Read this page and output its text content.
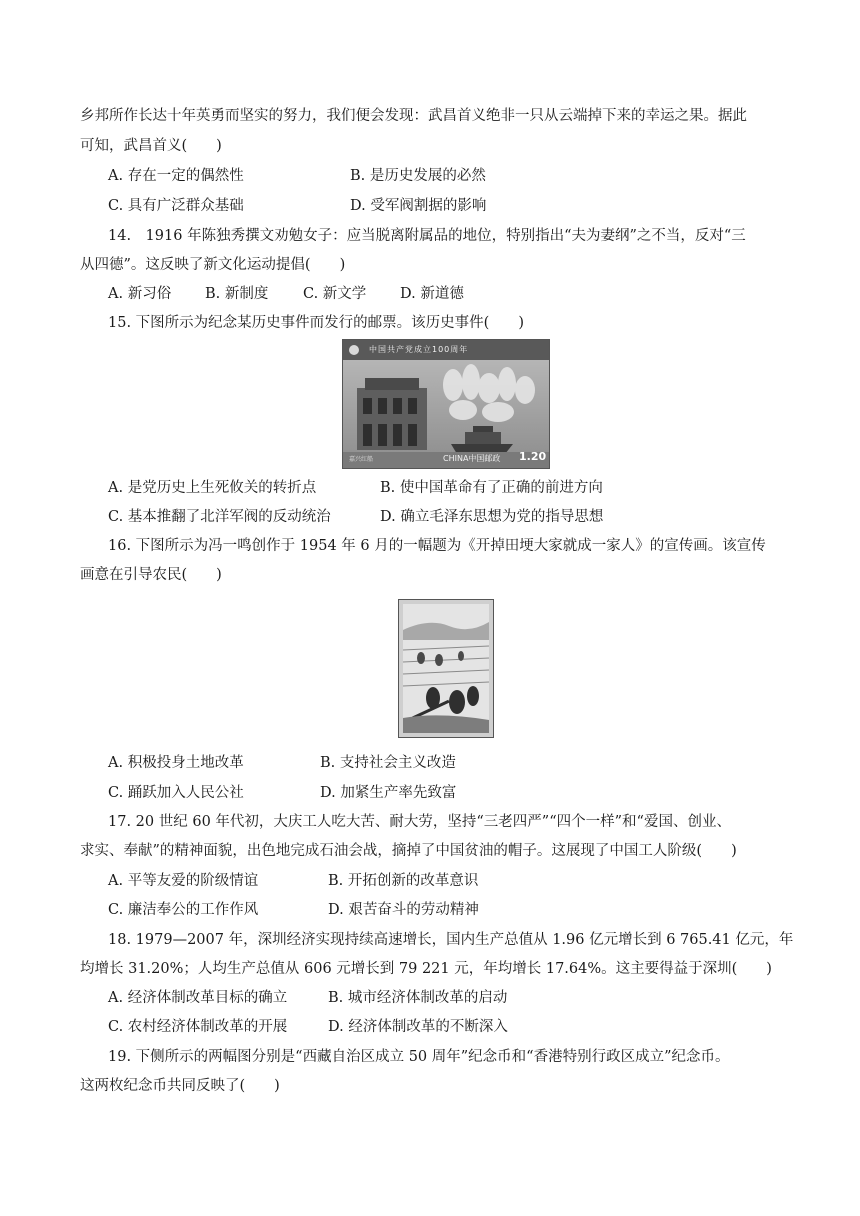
乡邦所作长达十年英勇而坚实的努力，我们便会发现：武昌首义绝非一只从云端掉下来的幸运之果。据此
可知，武昌首义(　　)
A. 存在一定的偶然性	B. 是历史发展的必然
C. 具有广泛群众基础	D. 受军阀割据的影响
14.　1916 年陈独秀撰文劝勉女子：应当脱离附属品的地位，特别指出“夫为妻纲”之不当，反对“三
从四德”。这反映了新文化运动提倡(　　)
A. 新习俗 B. 新制度 C. 新文学 D. 新道德
15. 下图所示为纪念某历史事件而发行的邮票。该历史事件(　　)
中国共产党成立100周年
CHINA中国邮政 1.20
嘉兴红船
A. 是党历史上生死攸关的转折点	B. 使中国革命有了正确的前进方向
C. 基本推翻了北洋军阀的反动统治	D. 确立毛泽东思想为党的指导思想
16. 下图所示为冯一鸣创作于 1954 年 6 月的一幅题为《开掉田埂大家就成一家人》的宣传画。该宣传
画意在引导农民(　　)
A. 积极投身土地改革	B. 支持社会主义改造
C. 踊跃加入人民公社	D. 加紧生产率先致富
17. 20 世纪 60 年代初，大庆工人吃大苦、耐大劳，坚持“三老四严”“四个一样”和“爱国、创业、
求实、奉献”的精神面貌，出色地完成石油会战，摘掉了中国贫油的帽子。这展现了中国工人阶级(　　)
A. 平等友爱的阶级情谊	B. 开拓创新的改革意识
C. 廉洁奉公的工作作风	D. 艰苦奋斗的劳动精神
18. 1979—2007 年，深圳经济实现持续高速增长，国内生产总值从 1.96 亿元增长到 6 765.41 亿元，年
均增长 31.20%；人均生产总值从 606 元增长到 79 221 元，年均增长 17.64%。这主要得益于深圳(　　)
A. 经济体制改革目标的确立	B. 城市经济体制改革的启动
C. 农村经济体制改革的开展	D. 经济体制改革的不断深入
19. 下侧所示的两幅图分别是“西藏自治区成立 50 周年”纪念币和“香港特别行政区成立”纪念币。
这两枚纪念币共同反映了(　　)
